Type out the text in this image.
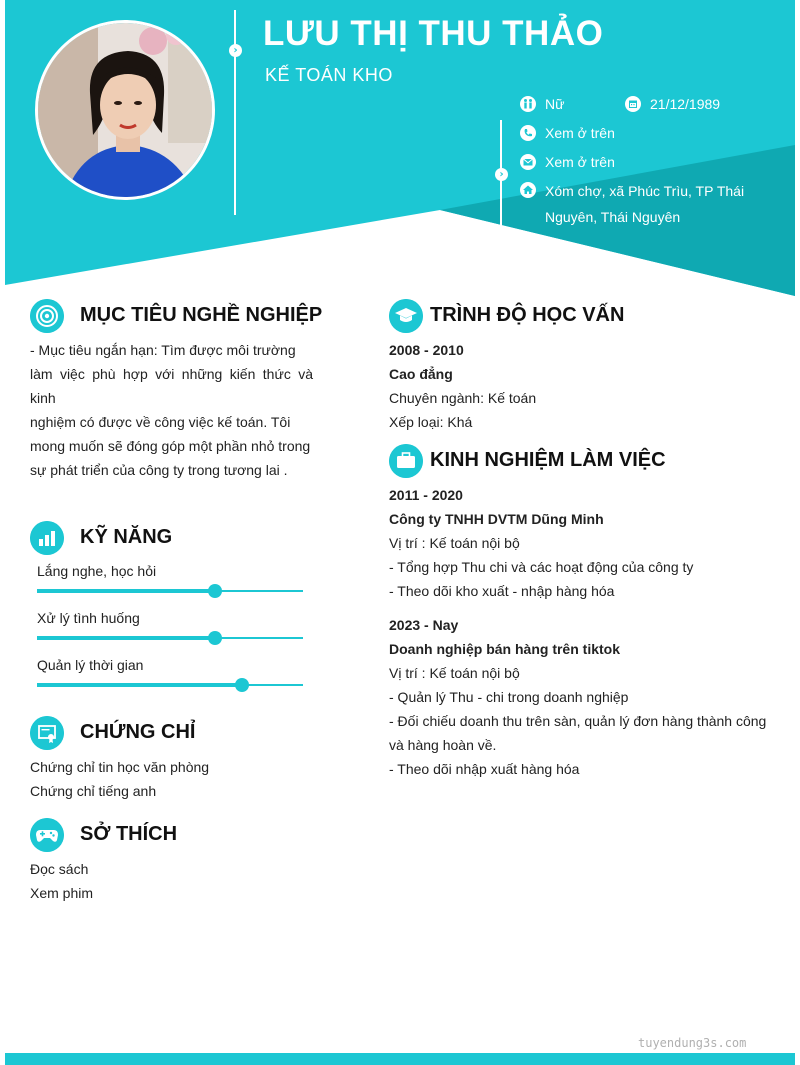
› LƯU THỊ THU THẢO
KẾ TOÁN KHO
›
Nữ	21/12/1989
Xem ở trên
Xem ở trên
Xóm chợ, xã Phúc Trìu, TP Thái
Nguyên, Thái Nguyên
MỤC TIÊU NGHỀ NGHIỆP
- Mục tiêu ngắn hạn: Tìm được môi trường
làm việc phù hợp với những kiến thức và kinh
nghiệm có được về công việc kế toán. Tôi
mong muốn sẽ đóng góp một phần nhỏ trong
sự phát triển của công ty trong tương lai .
KỸ NĂNG
Lắng nghe, học hỏi
Xử lý tình huống
Quản lý thời gian
CHỨNG CHỈ
Chứng chỉ tin học văn phòng
Chứng chỉ tiếng anh
SỞ THÍCH
Đọc sách
Xem phim
TRÌNH ĐỘ HỌC VẤN
2008 - 2010
Cao đẳng
Chuyên ngành: Kế toán
Xếp loại: Khá
KINH NGHIỆM LÀM VIỆC
2011 - 2020
Công ty TNHH DVTM Dũng Minh
Vị trí : Kế toán nội bộ
- Tổng hợp Thu chi và các hoạt động của công ty
- Theo dõi kho xuất - nhập hàng hóa
2023 - Nay
Doanh nghiệp bán hàng trên tiktok
Vị trí : Kế toán nội bộ
- Quản lý Thu - chi trong doanh nghiệp
- Đối chiếu doanh thu trên sàn, quản lý đơn hàng thành công
và hàng hoàn về.
- Theo dõi nhập xuất hàng hóa
tuyendung3s.com
